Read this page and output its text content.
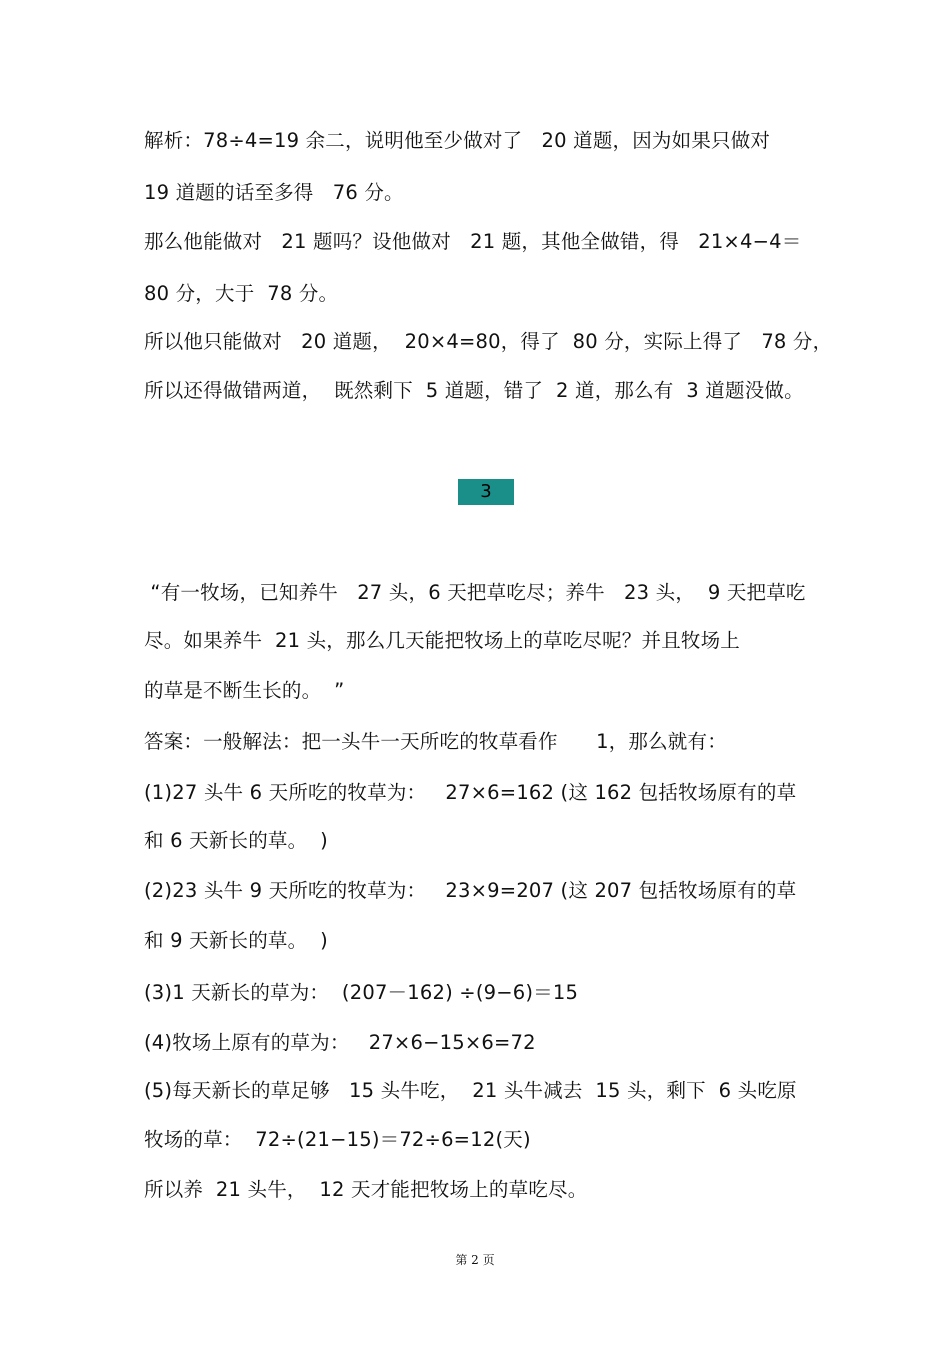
解析：78÷4=19 余二，说明他至少做对了   20 道题，因为如果只做对
19 道题的话至多得   76 分。
那么他能做对   21 题吗？设他做对   21 题，其他全做错，得   21×4−4＝
80 分，大于  78 分。
所以他只能做对   20 道题，  20×4=80，得了  80 分，实际上得了   78 分，
所以还得做错两道，  既然剩下  5 道题，错了  2 道，那么有  3 道题没做。
3
“有一牧场，已知养牛   27 头，6 天把草吃尽；养牛   23 头，  9 天把草吃
尽。如果养牛  21 头，那么几天能把牧场上的草吃尽呢？并且牧场上
的草是不断生长的。  ”
答案：一般解法：把一头牛一天所吃的牧草看作      1，那么就有：
(1)27 头牛 6 天所吃的牧草为：   27×6=162 (这 162 包括牧场原有的草
和 6 天新长的草。  )
(2)23 头牛 9 天所吃的牧草为：   23×9=207 (这 207 包括牧场原有的草
和 9 天新长的草。  )
(3)1 天新长的草为：  (207－162) ÷(9−6)＝15
(4)牧场上原有的草为：   27×6−15×6=72
(5)每天新长的草足够   15 头牛吃，  21 头牛减去  15 头，剩下  6 头吃原
牧场的草：  72÷(21−15)＝72÷6=12(天)
所以养  21 头牛，  12 天才能把牧场上的草吃尽。
第 2 页
